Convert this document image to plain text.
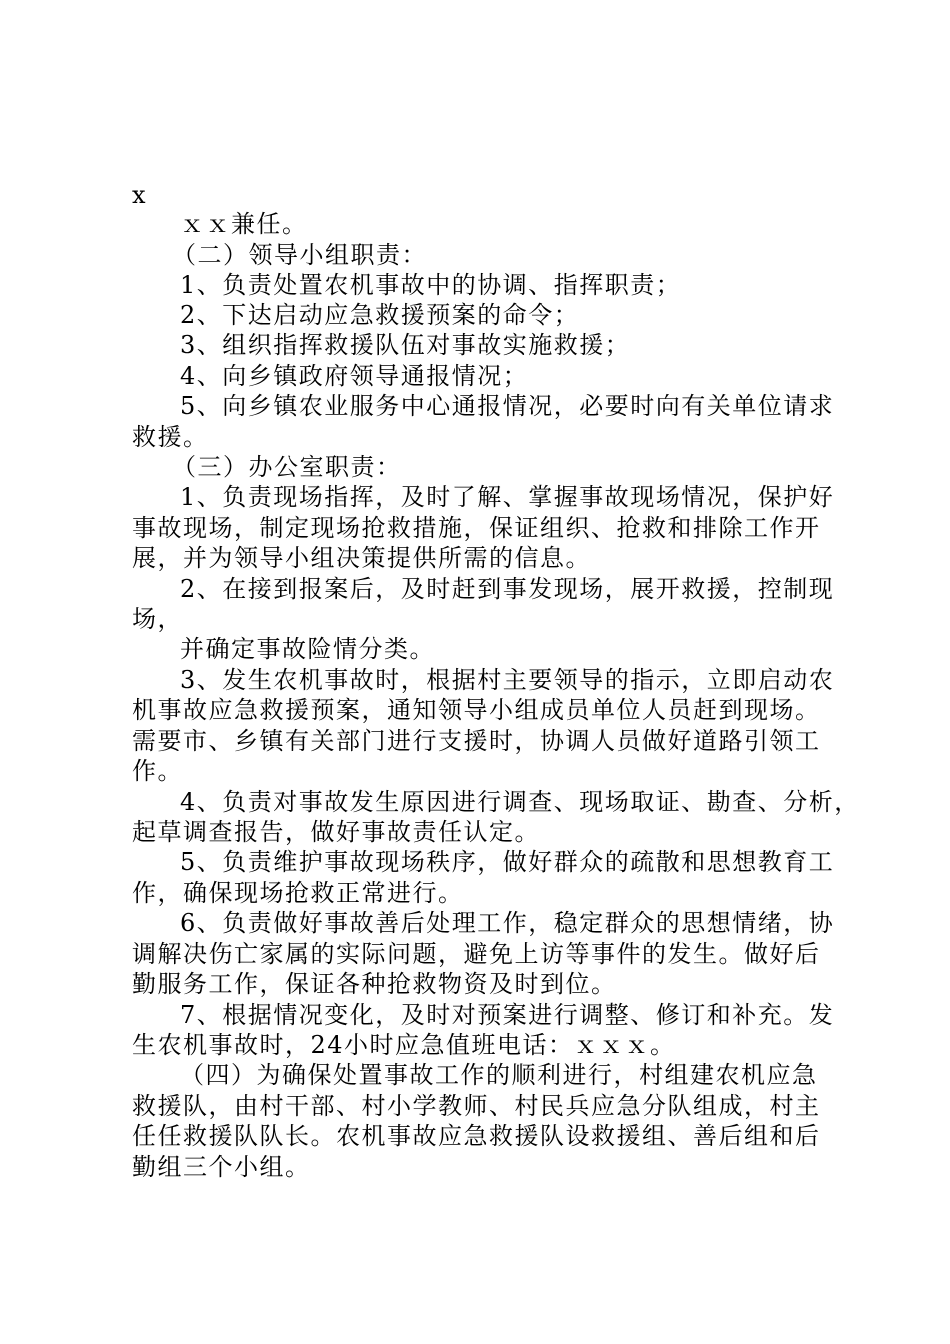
x
ｘｘ兼任。
（二）领导小组职责：
1、负责处置农机事故中的协调、指挥职责；
2、下达启动应急救援预案的命令；
3、组织指挥救援队伍对事故实施救援；
4、向乡镇政府领导通报情况；
5、向乡镇农业服务中心通报情况，必要时向有关单位请求
救援。
（三）办公室职责：
1、负责现场指挥，及时了解、掌握事故现场情况，保护好
事故现场，制定现场抢救措施，保证组织、抢救和排除工作开
展，并为领导小组决策提供所需的信息。
2、在接到报案后，及时赶到事发现场，展开救援，控制现
场，
并确定事故险情分类。
3、发生农机事故时，根据村主要领导的指示，立即启动农
机事故应急救援预案，通知领导小组成员单位人员赶到现场。
需要市、乡镇有关部门进行支援时，协调人员做好道路引领工
作。
4、负责对事故发生原因进行调查、现场取证、勘查、分析，
起草调查报告，做好事故责任认定。
5、负责维护事故现场秩序，做好群众的疏散和思想教育工
作，确保现场抢救正常进行。
6、负责做好事故善后处理工作，稳定群众的思想情绪，协
调解决伤亡家属的实际问题，避免上访等事件的发生。做好后
勤服务工作，保证各种抢救物资及时到位。
7、根据情况变化，及时对预案进行调整、修订和补充。发
生农机事故时，24小时应急值班电话：ｘｘｘ。
（四）为确保处置事故工作的顺利进行，村组建农机应急
救援队，由村干部、村小学教师、村民兵应急分队组成，村主
任任救援队队长。农机事故应急救援队设救援组、善后组和后
勤组三个小组。
